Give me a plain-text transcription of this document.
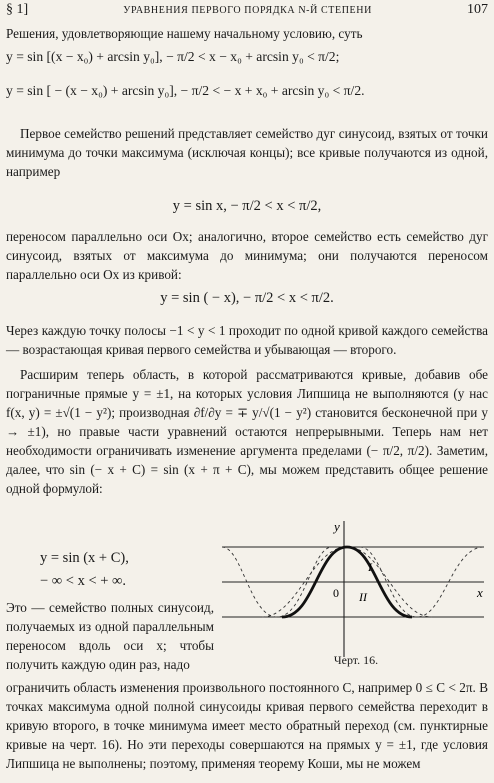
§ 1]	УРАВНЕНИЯ ПЕРВОГО ПОРЯДКА N-Й СТЕПЕНИ	107
Решения, удовлетворяющие нашему начальному условию, суть
y = sin [(x − x₀) + arcsin y₀], − π/2 < x − x₀ + arcsin y₀ < π/2;
y = sin [ − (x − x₀) + arcsin y₀], − π/2 < − x + x₀ + arcsin y₀ < π/2.
Первое семейство решений представляет семейство дуг синусоид, взятых от точки минимума до точки максимума (исключая концы); все кривые получаются из одной, например
y = sin x, − π/2 < x < π/2,
переносом параллельно оси Ox; аналогично, второе семейство есть семейство дуг синусоид, взятых от максимума до минимума; они получаются переносом параллельно оси Ox из кривой:
y = sin ( − x), − π/2 < x < π/2.
Через каждую точку полосы −1 < y < 1 проходит по одной кривой каждого семейства — возрастающая кривая первого семейства и убывающая — второго.
Расширим теперь область, в которой рассматриваются кривые, добавив обе пограничные прямые y = ±1, на которых условия Липшица не выполняются (у нас f(x, y) = ±√(1 − y²); производная ∂f/∂y = ∓ y/√(1 − y²) становится бесконечной при y → ±1), но правые части уравнений остаются непрерывными. Теперь нам нет необходимости ограничивать изменение аргумента пределами (− π/2, π/2). Заметим, далее, что sin (− x + C) = sin (x + π + C), мы можем представить общее решение одной формулой:
y = sin (x + C),
− ∞ < x < + ∞.
Это — семейство полных синусоид, получаемых из одной параллельным переносом вдоль оси x; чтобы получить каждую один раз, надо
y
x
0
I
II
Черт. 16.
ограничить область изменения произвольного постоянного C, например 0 ≤ C < 2π. В точках максимума одной полной синусоиды кривая первого семейства переходит в кривую второго, в точке минимума имеет место обратный переход (см. пунктирные кривые на черт. 16). Но эти переходы совершаются на прямых y = ±1, где условия Липшица не выполнены; поэтому, применяя теорему Коши, мы не можем
